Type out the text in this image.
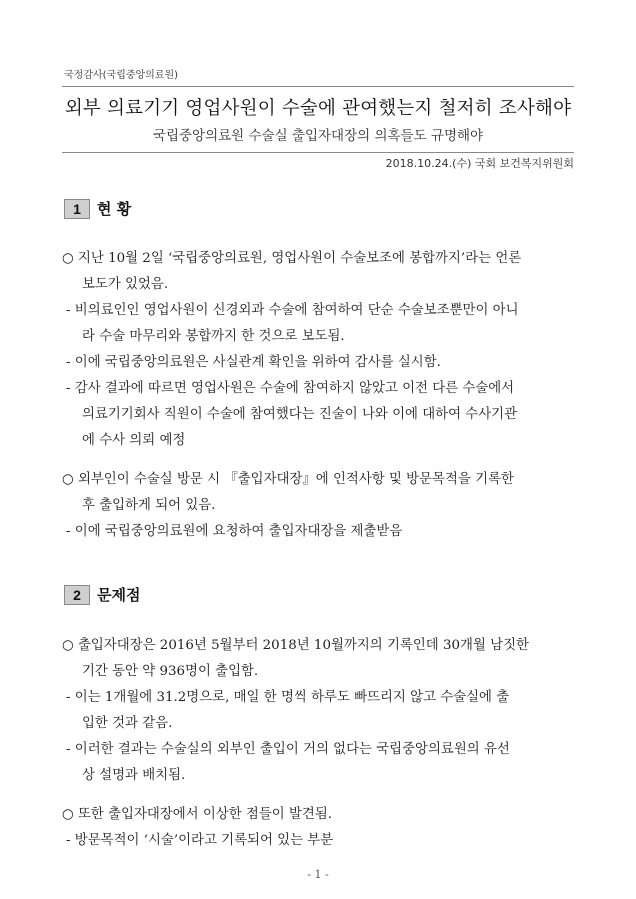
국정감사(국립중앙의료원)
외부 의료기기 영업사원이 수술에 관여했는지 철저히 조사해야
국립중앙의료원 수술실 출입자대장의 의혹들도 규명해야
2018.10.24.(수) 국회 보건복지위원회
1	현 황
○ 지난 10월 2일 ‘국립중앙의료원, 영업사원이 수술보조에 봉합까지’라는 언론
보도가 있었음.
- 비의료인인 영업사원이 신경외과 수술에 참여하여 단순 수술보조뿐만이 아니
라 수술 마무리와 봉합까지 한 것으로 보도됨.
- 이에 국립중앙의료원은 사실관계 확인을 위하여 감사를 실시함.
- 감사 결과에 따르면 영업사원은 수술에 참여하지 않았고 이전 다른 수술에서
의료기기회사 직원이 수술에 참여했다는 진술이 나와 이에 대하여 수사기관
에 수사 의뢰 예정
○ 외부인이 수술실 방문 시 『출입자대장』에 인적사항 및 방문목적을 기록한
후 출입하게 되어 있음.
- 이에 국립중앙의료원에 요청하여 출입자대장을 제출받음
2	문제점
○ 출입자대장은 2016년 5월부터 2018년 10월까지의 기록인데 30개월 남짓한
기간 동안 약 936명이 출입함.
- 이는 1개월에 31.2명으로, 매일 한 명씩 하루도 빠뜨리지 않고 수술실에 출
입한 것과 같음.
- 이러한 결과는 수술실의 외부인 출입이 거의 없다는 국립중앙의료원의 유선
상 설명과 배치됨.
○ 또한 출입자대장에서 이상한 점들이 발견됨.
- 방문목적이 ‘시술’이라고 기록되어 있는 부분
- 1 -
